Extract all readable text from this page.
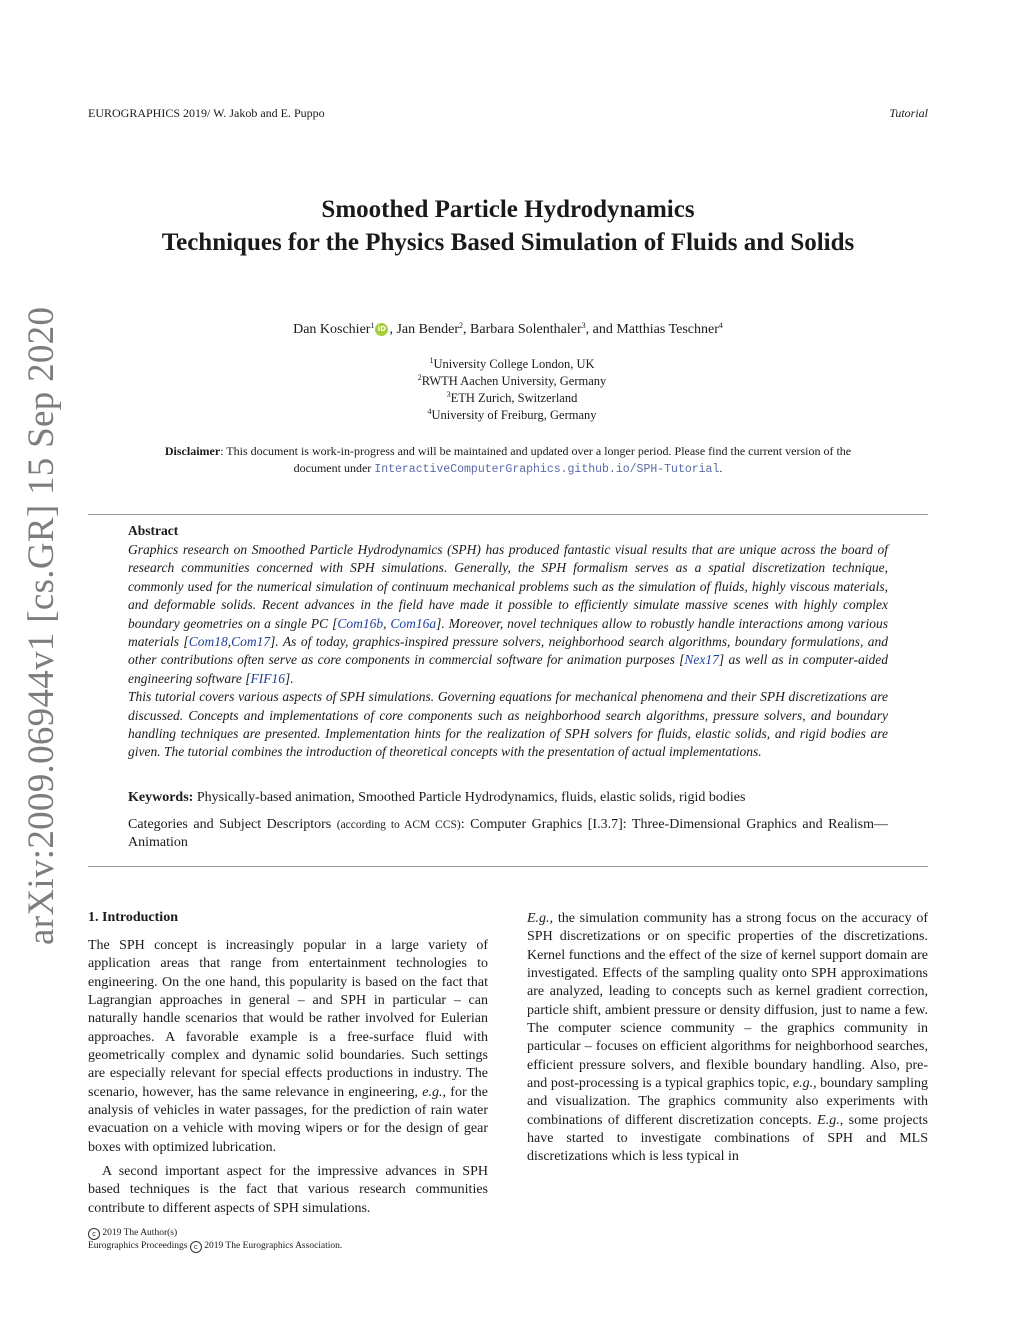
EUROGRAPHICS 2019/ W. Jakob and E. Puppo	Tutorial
Smoothed Particle Hydrodynamics
Techniques for the Physics Based Simulation of Fluids and Solids
Dan Koschier$^1$ iD , Jan Bender$^2$, Barbara Solenthaler$^3$, and Matthias Teschner$^4$
$^1$University College London, UK
$^2$RWTH Aachen University, Germany
$^3$ETH Zurich, Switzerland
$^4$University of Freiburg, Germany
Disclaimer: This document is work-in-progress and will be maintained and updated over a longer period. Please find the current version of the document under InteractiveComputerGraphics.github.io/SPH-Tutorial.
Abstract

Graphics research on Smoothed Particle Hydrodynamics (SPH) has produced fantastic visual results that are unique across the board of research communities concerned with SPH simulations. Generally, the SPH formalism serves as a spatial discretization technique, commonly used for the numerical simulation of continuum mechanical problems such as the simulation of fluids, highly viscous materials, and deformable solids. Recent advances in the field have made it possible to efficiently simulate massive scenes with highly complex boundary geometries on a single PC [Com16b, Com16a]. Moreover, novel techniques allow to robustly handle interactions among various materials [Com18,Com17]. As of today, graphics-inspired pressure solvers, neighborhood search algorithms, boundary formulations, and other contributions often serve as core components in commercial software for animation purposes [Nex17] as well as in computer-aided engineering software [FIF16].

This tutorial covers various aspects of SPH simulations. Governing equations for mechanical phenomena and their SPH discretizations are discussed. Concepts and implementations of core components such as neighborhood search algorithms, pressure solvers, and boundary handling techniques are presented. Implementation hints for the realization of SPH solvers for fluids, elastic solids, and rigid bodies are given. The tutorial combines the introduction of theoretical concepts with the presentation of actual implementations.

Keywords: Physically-based animation, Smoothed Particle Hydrodynamics, fluids, elastic solids, rigid bodies
Categories and Subject Descriptors (according to ACM CCS): Computer Graphics [I.3.7]: Three-Dimensional Graphics and Realism—Animation
arXiv:2009.06944v1 [cs.GR] 15 Sep 2020 1. Introduction

The SPH concept is increasingly popular in a large variety of application areas that range from entertainment technologies to engineering. On the one hand, this popularity is based on the fact that Lagrangian approaches in general – and SPH in particular – can naturally handle scenarios that would be rather involved for Eulerian approaches. A favorable example is a free-surface fluid with geometrically complex and dynamic solid boundaries. Such settings are especially relevant for special effects productions in industry. The scenario, however, has the same relevance in engineering, e.g., for the analysis of vehicles in water passages, for the prediction of rain water evacuation on a vehicle with moving wipers or for the design of gear boxes with optimized lubrication.

A second important aspect for the impressive advances in SPH based techniques is the fact that various research communities contribute to different aspects of SPH simulations.

E.g., the simulation community has a strong focus on the accuracy of SPH discretizations or on specific properties of the discretizations. Kernel functions and the effect of the size of kernel support domain are investigated. Effects of the sampling quality onto SPH approximations are analyzed, leading to concepts such as kernel gradient correction, particle shift, ambient pressure or density diffusion, just to name a few. The computer science community – the graphics community in particular – focuses on efficient algorithms for neighborhood searches, efficient pressure solvers, and flexible boundary handling. Also, pre- and post-processing is a typical graphics topic, e.g., boundary sampling and visualization. The graphics community also experiments with combinations of different discretization concepts. E.g., some projects have started to investigate combinations of SPH and MLS discretizations which is less typical in

c 2019 The Author(s)
Eurographics Proceedings c 2019 The Eurographics Association.
